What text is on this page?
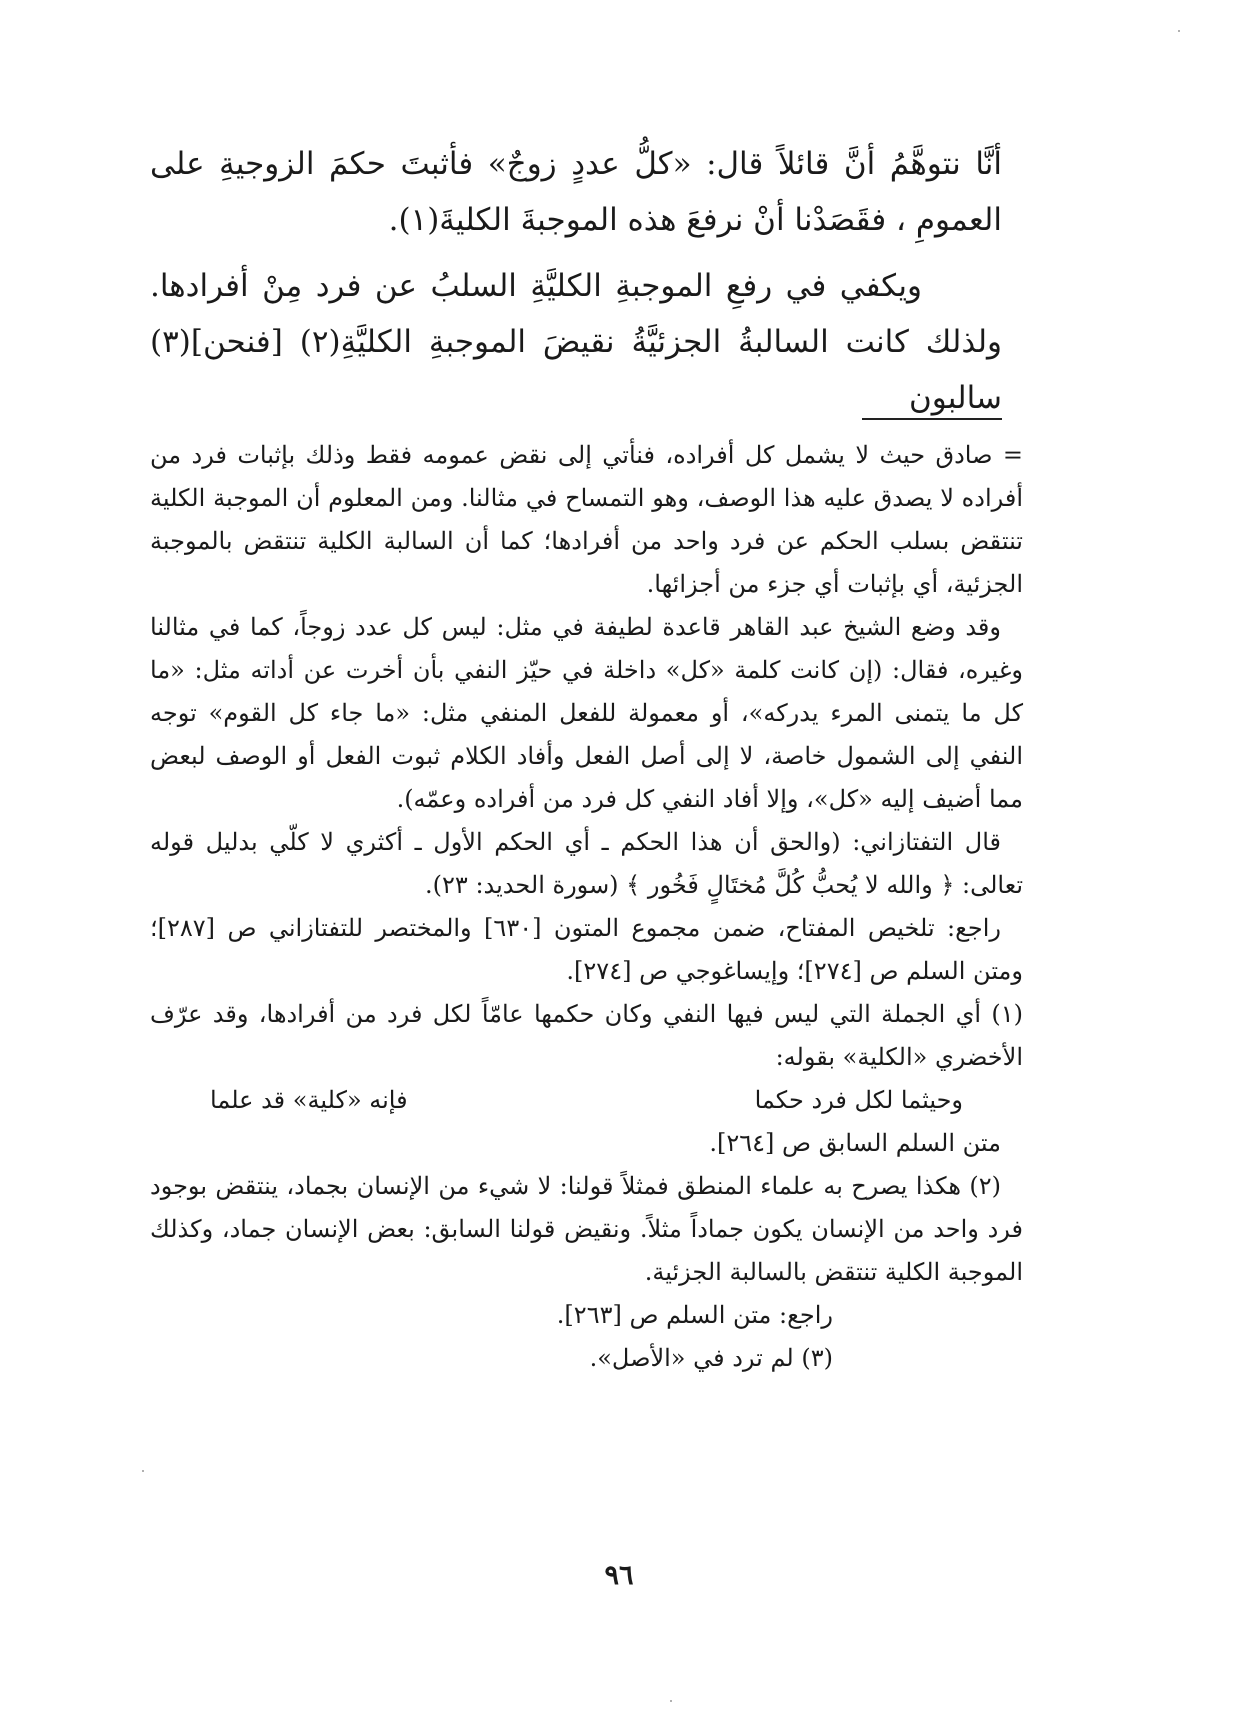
أنَّا نتوهَّمُ أنَّ قائلاً قال: «كلُّ عددٍ زوجٌ» فأثبتَ حكمَ الزوجيةِ على العمومِ ، فقَصَدْنا أنْ نرفعَ هذه الموجبةَ الكليةَ(١).

ويكفي في رفعِ الموجبةِ الكليَّةِ السلبُ عن فرد مِنْ أفرادها. ولذلك كانت السالبةُ الجزئيَّةُ نقيضَ الموجبةِ الكليَّةِ(٢) [فنحن](٣) سالبون

= صادق حيث لا يشمل كل أفراده، فنأتي إلى نقض عمومه فقط وذلك بإثبات فرد من أفراده لا يصدق عليه هذا الوصف، وهو التمساح في مثالنا. ومن المعلوم أن الموجبة الكلية تنتقض بسلب الحكم عن فرد واحد من أفرادها؛ كما أن السالبة الكلية تنتقض بالموجبة الجزئية، أي بإثبات أي جزء من أجزائها.

وقد وضع الشيخ عبد القاهر قاعدة لطيفة في مثل: ليس كل عدد زوجاً، كما في مثالنا وغيره، فقال: (إن كانت كلمة «كل» داخلة في حيّز النفي بأن أخرت عن أداته مثل: «ما كل ما يتمنى المرء يدركه»، أو معمولة للفعل المنفي مثل: «ما جاء كل القوم» توجه النفي إلى الشمول خاصة، لا إلى أصل الفعل وأفاد الكلام ثبوت الفعل أو الوصف لبعض مما أضيف إليه «كل»، وإلا أفاد النفي كل فرد من أفراده وعمّه).

قال التفتازاني: (والحق أن هذا الحكم ـ أي الحكم الأول ـ أكثري لا كلّي بدليل قوله تعالى: ﴿ والله لا يُحبُّ كُلَّ مُختَالٍ فَخُور ﴾ (سورة الحديد: ٢٣).

راجع: تلخيص المفتاح، ضمن مجموع المتون [٦٣٠] والمختصر للتفتازاني ص [٢٨٧]؛ ومتن السلم ص [٢٧٤]؛ وإيساغوجي ص [٢٧٤].

(١) أي الجملة التي ليس فيها النفي وكان حكمها عامّاً لكل فرد من أفرادها، وقد عرّف الأخضري «الكلية» بقوله:

وحيثما لكل فرد حكما
فإنه «كلية» قد علما

متن السلم السابق ص [٢٦٤].

(٢) هكذا يصرح به علماء المنطق فمثلاً قولنا: لا شيء من الإنسان بجماد، ينتقض بوجود فرد واحد من الإنسان يكون جماداً مثلاً. ونقيض قولنا السابق: بعض الإنسان جماد، وكذلك الموجبة الكلية تنتقض بالسالبة الجزئية.

راجع: متن السلم ص [٢٦٣].

(٣) لم ترد في «الأصل».

٩٦
